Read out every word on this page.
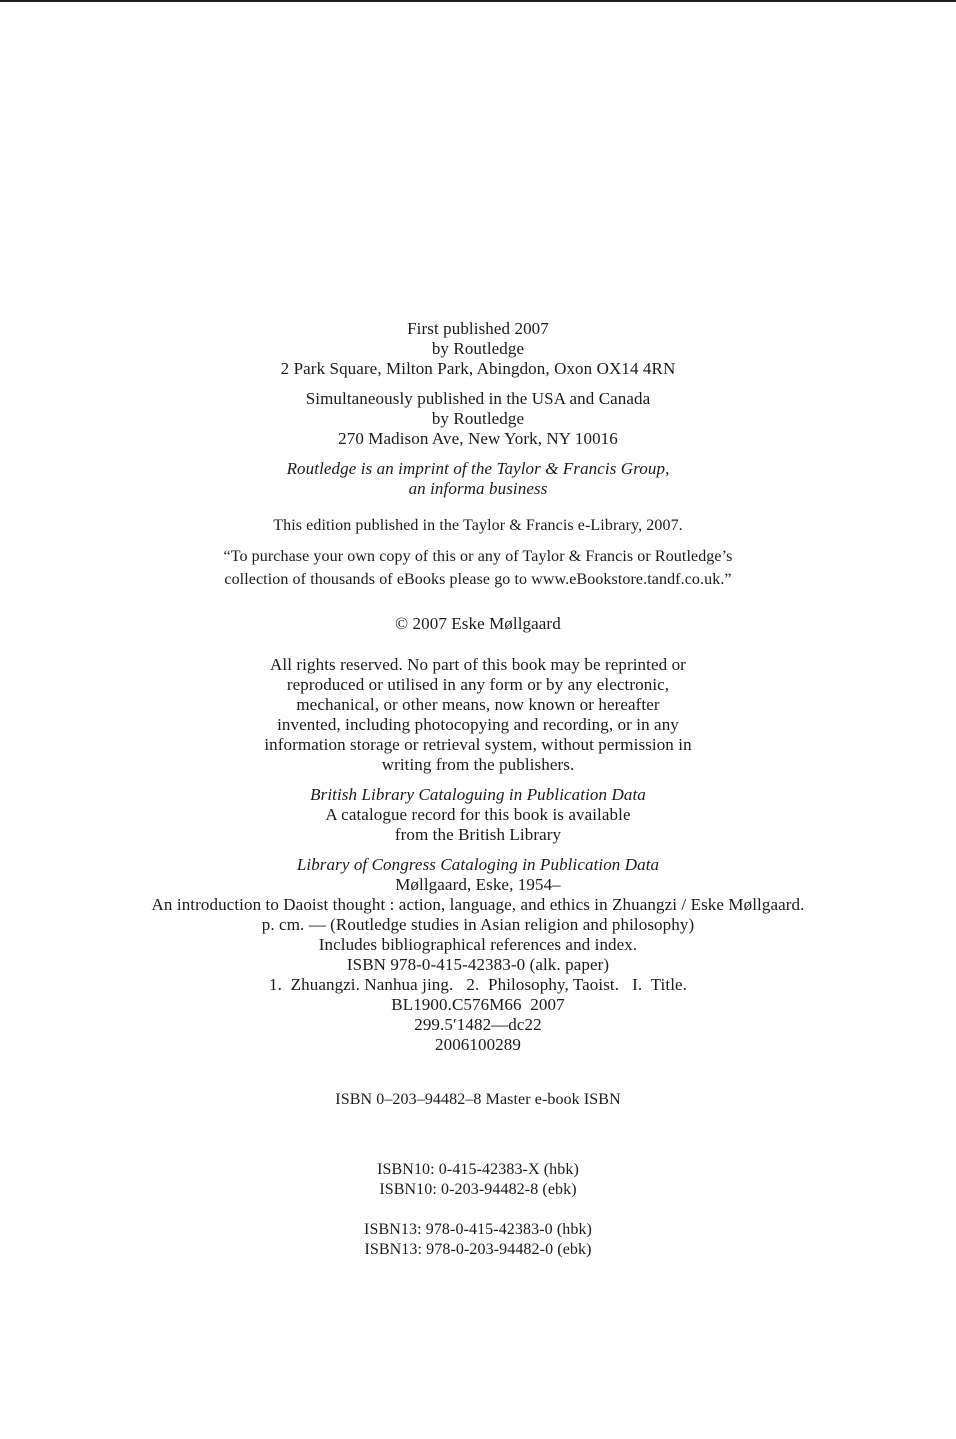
First published 2007
by Routledge
2 Park Square, Milton Park, Abingdon, Oxon OX14 4RN
Simultaneously published in the USA and Canada
by Routledge
270 Madison Ave, New York, NY 10016
Routledge is an imprint of the Taylor & Francis Group,
an informa business
This edition published in the Taylor & Francis e-Library, 2007.
“To purchase your own copy of this or any of Taylor & Francis or Routledge’s
collection of thousands of eBooks please go to www.eBookstore.tandf.co.uk.”
© 2007 Eske Møllgaard
All rights reserved. No part of this book may be reprinted or
reproduced or utilised in any form or by any electronic,
mechanical, or other means, now known or hereafter
invented, including photocopying and recording, or in any
information storage or retrieval system, without permission in
writing from the publishers.
British Library Cataloguing in Publication Data
A catalogue record for this book is available
from the British Library
Library of Congress Cataloging in Publication Data
Møllgaard, Eske, 1954–
An introduction to Daoist thought : action, language, and ethics in Zhuangzi / Eske Møllgaard.
p. cm. — (Routledge studies in Asian religion and philosophy)
Includes bibliographical references and index.
ISBN 978-0-415-42383-0 (alk. paper)
1.  Zhuangzi. Nanhua jing.   2.  Philosophy, Taoist.   I.  Title.
BL1900.C576M66  2007
299.5′1482—dc22
2006100289
ISBN 0–203–94482–8 Master e-book ISBN
ISBN10: 0-415-42383-X (hbk)
ISBN10: 0-203-94482-8 (ebk)
ISBN13: 978-0-415-42383-0 (hbk)
ISBN13: 978-0-203-94482-0 (ebk)
